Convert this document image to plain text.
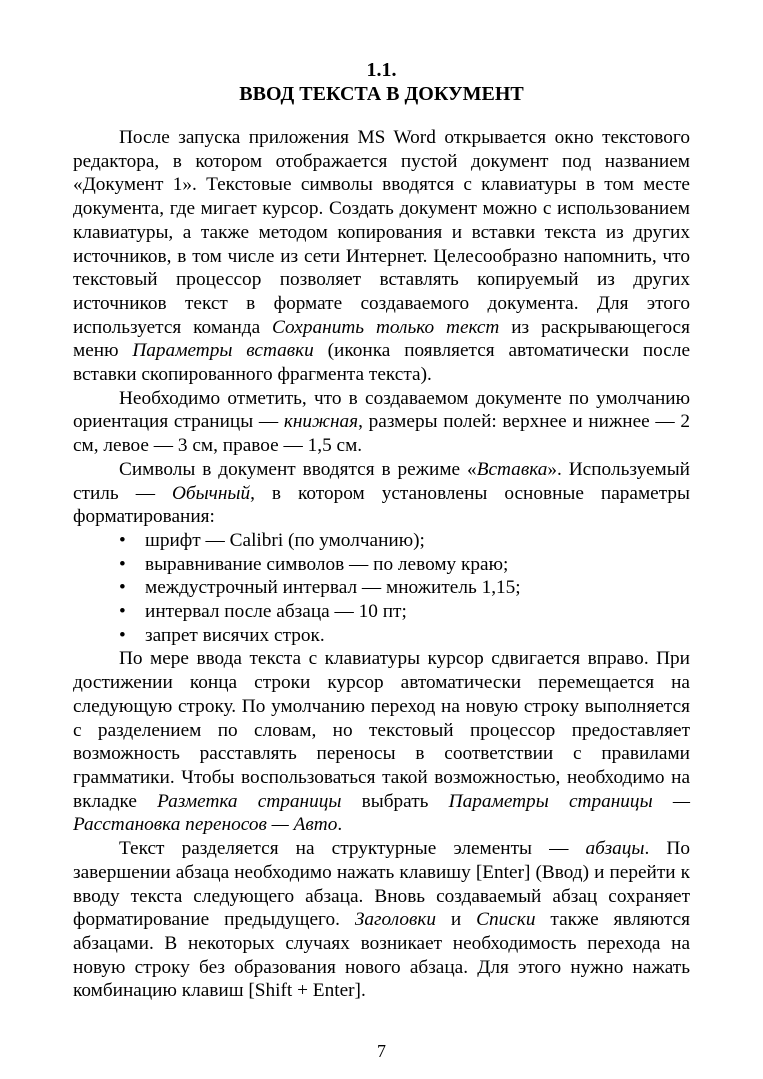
1.1.
ВВОД ТЕКСТА В ДОКУМЕНТ

После запуска приложения MS Word открывается окно текстового редактора, в котором отображается пустой документ под названием «Документ 1». Текстовые символы вводятся с клавиатуры в том месте документа, где мигает курсор. Создать документ можно с использованием клавиатуры, а также методом копирования и вставки текста из других источников, в том числе из сети Интернет. Целесообразно напомнить, что текстовый процессор позволяет вставлять копируемый из других источников текст в формате создаваемого документа. Для этого используется команда Сохранить только текст из раскрывающегося меню Параметры вставки (иконка появляется автоматически после вставки скопированного фрагмента текста).

Необходимо отметить, что в создаваемом документе по умолчанию ориентация страницы — книжная, размеры полей: верхнее и нижнее — 2 см, левое — 3 см, правое — 1,5 см.

Символы в документ вводятся в режиме «Вставка». Используемый стиль — Обычный, в котором установлены основные параметры форматирования:

• шрифт — Calibri (по умолчанию);
• выравнивание символов — по левому краю;
• междустрочный интервал — множитель 1,15;
• интервал после абзаца — 10 пт;
• запрет висячих строк.

По мере ввода текста с клавиатуры курсор сдвигается вправо. При достижении конца строки курсор автоматически перемещается на следующую строку. По умолчанию переход на новую строку выполняется с разделением по словам, но текстовый процессор предоставляет возможность расставлять переносы в соответствии с правилами грамматики. Чтобы воспользоваться такой возможностью, необходимо на вкладке Разметка страницы выбрать Параметры страницы — Расстановка переносов — Авто.

Текст разделяется на структурные элементы — абзацы. По завершении абзаца необходимо нажать клавишу [Enter] (Ввод) и перейти к вводу текста следующего абзаца. Вновь создаваемый абзац сохраняет форматирование предыдущего. Заголовки и Списки также являются абзацами. В некоторых случаях возникает необходимость перехода на новую строку без образования нового абзаца. Для этого нужно нажать комбинацию клавиш [Shift + Enter].

7
